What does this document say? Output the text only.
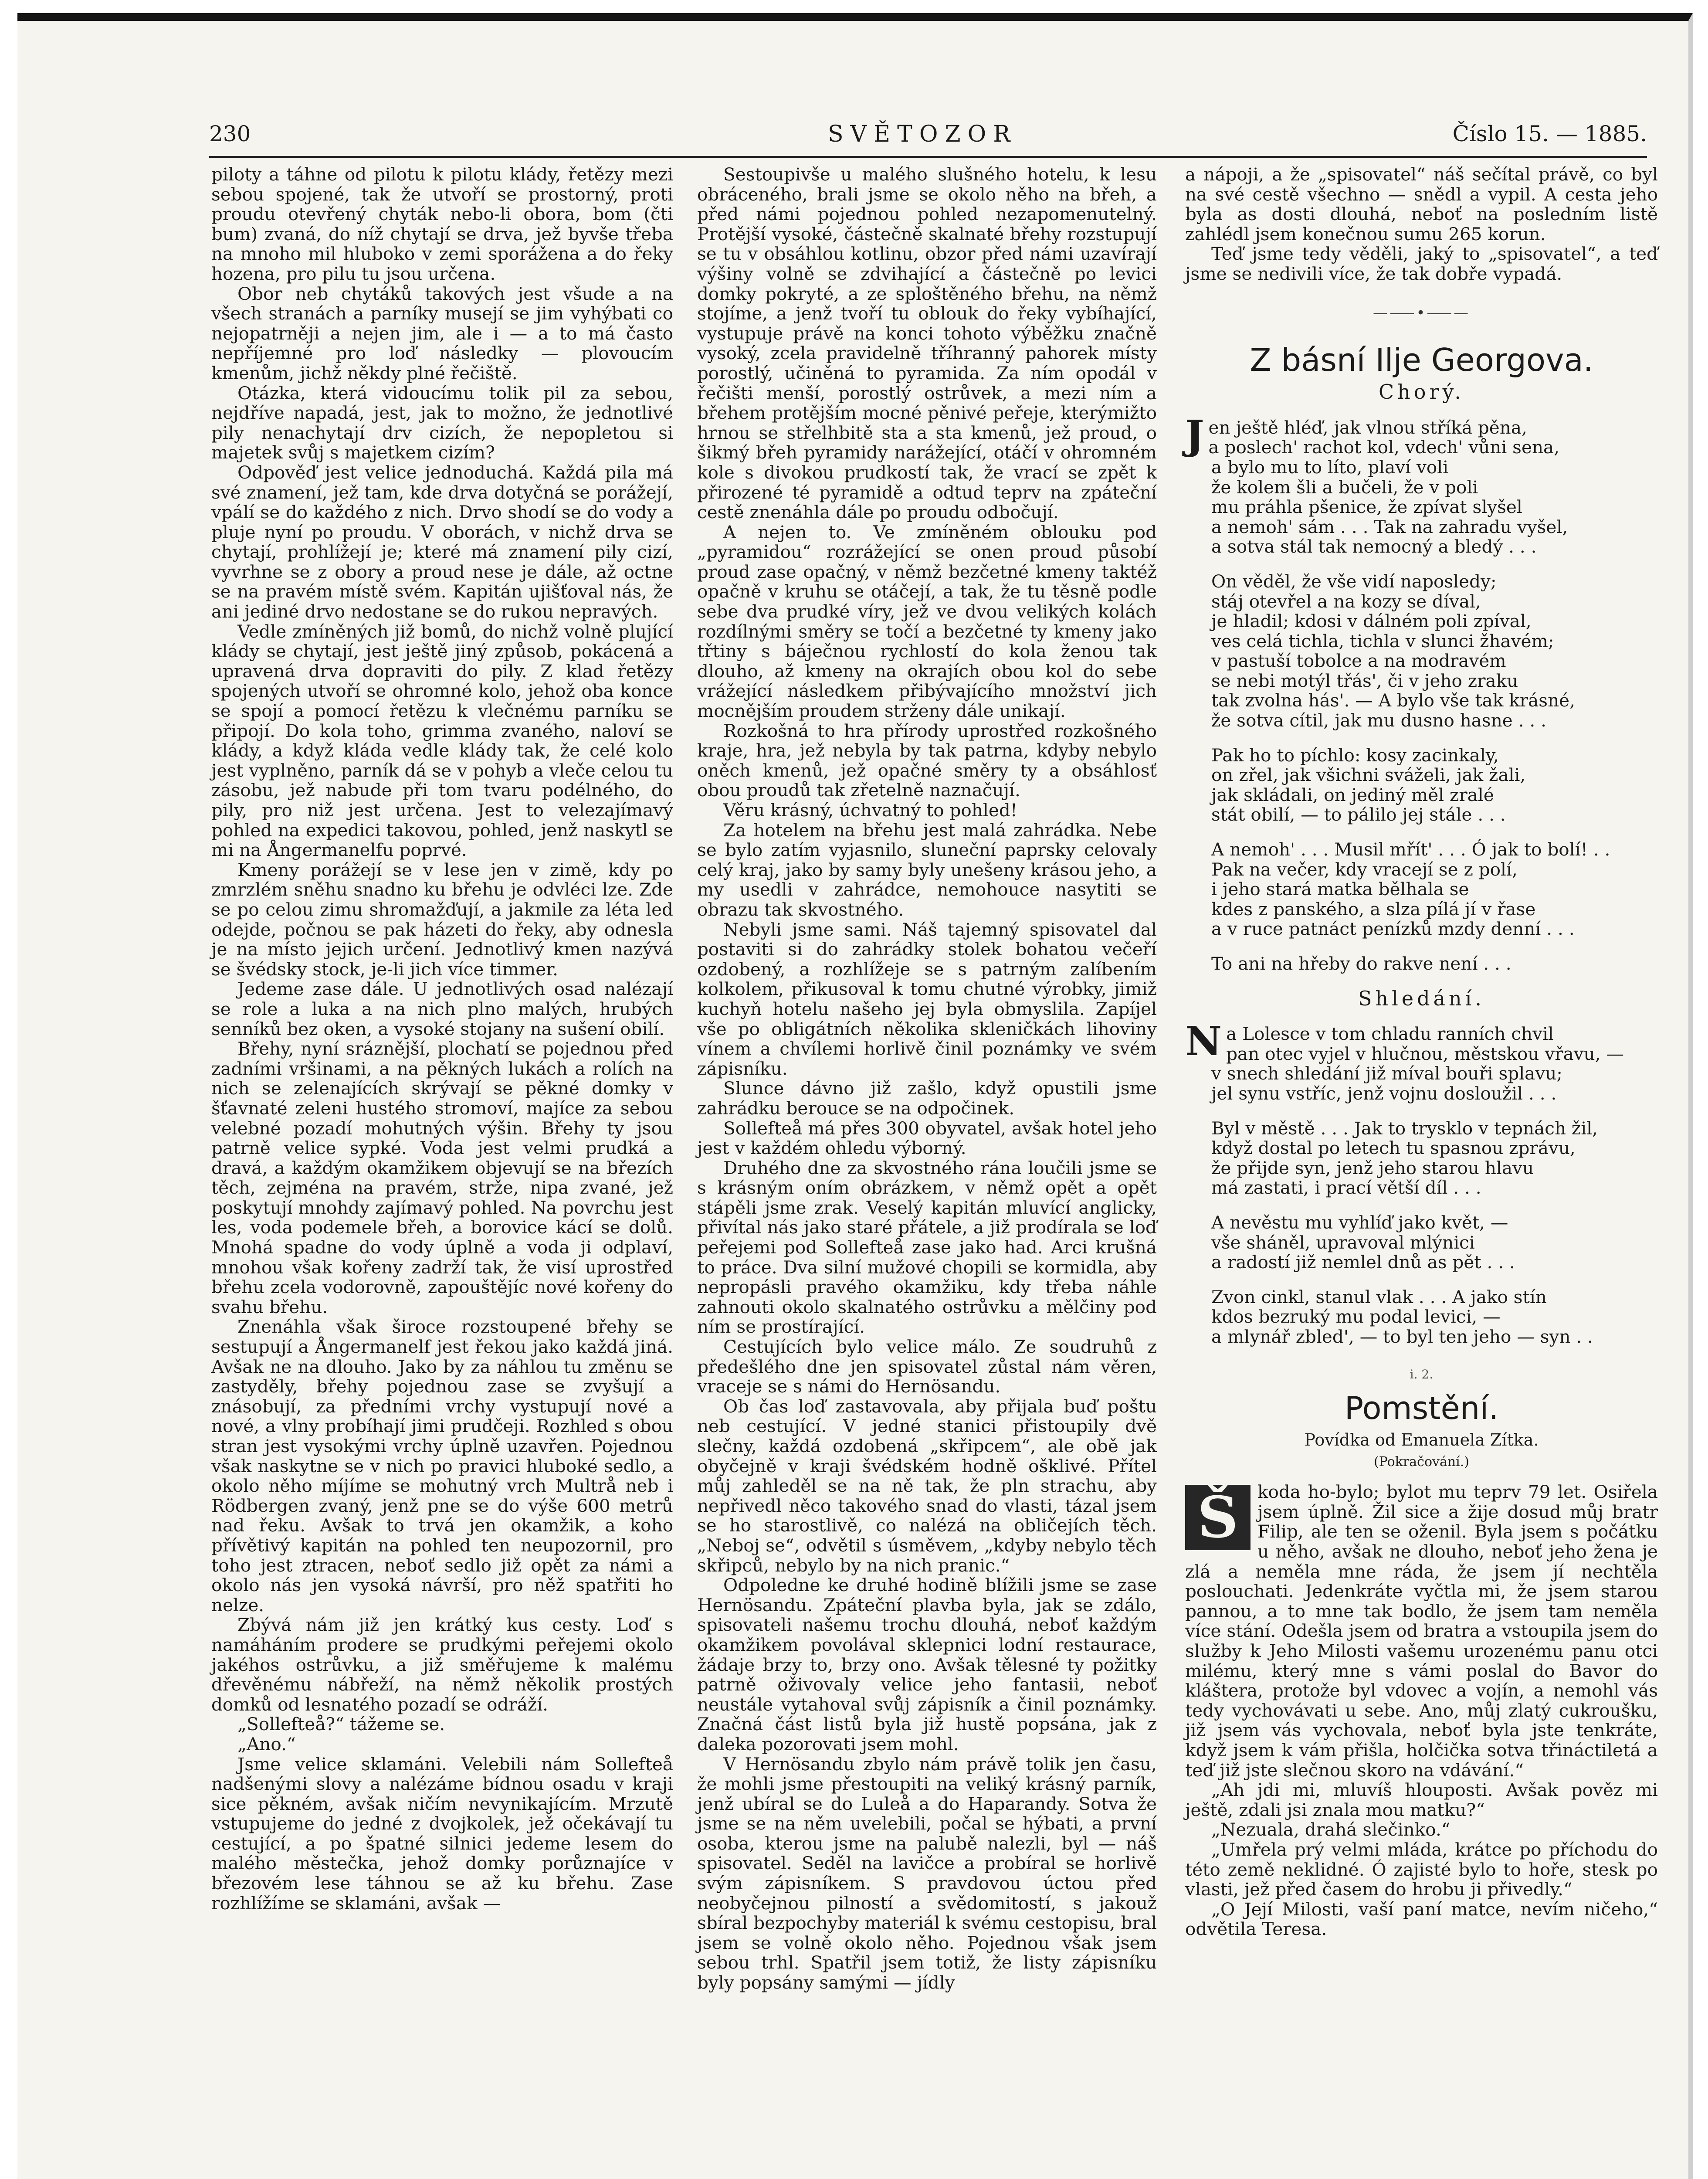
230	SVĚTOZOR	Číslo 15. — 1885.

piloty a táhne od pilotu k pilotu klády, řetězy mezi sebou spojené, tak že utvoří se prostorný, proti proudu otevřený chyták nebo-li obora, bom (čti bum) zvaná, do níž chytají se drva, jež byvše třeba na mnoho mil hluboko v zemi sporážena a do řeky hozena, pro pilu tu jsou určena.

Obor neb chytáků takových jest všude a na všech stranách a parníky musejí se jim vyhýbati co nejopatrněji a nejen jim, ale i — a to má často nepříjemné pro loď následky — plovoucím kmenům, jichž někdy plné řečiště.

Otázka, která vidoucímu tolik pil za sebou, nejdříve napadá, jest, jak to možno, že jednotlivé pily nenachytají drv cizích, že nepopletou si majetek svůj s majetkem cizím?

Odpověď jest velice jednoduchá. Každá pila má své znamení, jež tam, kde drva dotyčná se porážejí, vpálí se do každého z nich. Drvo shodí se do vody a pluje nyní po proudu. V oborách, v nichž drva se chytají, prohlížejí je; které má znamení pily cizí, vyvrhne se z obory a proud nese je dále, až octne se na pravém místě svém. Kapitán ujišťoval nás, že ani jediné drvo nedostane se do rukou nepravých.

Vedle zmíněných již bomů, do nichž volně plující klády se chytají, jest ještě jiný způsob, pokácená a upravená drva dopraviti do pily. Z klad řetězy spojených utvoří se ohromné kolo, jehož oba konce se spojí a pomocí řetězu k vlečnému parníku se připojí. Do kola toho, grimma zvaného, naloví se klády, a když kláda vedle klády tak, že celé kolo jest vyplněno, parník dá se v pohyb a vleče celou tu zásobu, jež nabude při tom tvaru podélného, do pily, pro niž jest určena. Jest to velezajímavý pohled na expedici takovou, pohled, jenž naskytl se mi na Ångermanelfu poprvé.

Kmeny porážejí se v lese jen v zimě, kdy po zmrzlém sněhu snadno ku břehu je odvléci lze. Zde se po celou zimu shromažďují, a jakmile za léta led odejde, počnou se pak házeti do řeky, aby odnesla je na místo jejich určení. Jednotlivý kmen nazývá se švédsky stock, je-li jich více timmer.

Jedeme zase dále. U jednotlivých osad nalézají se role a luka a na nich plno malých, hrubých senníků bez oken, a vysoké stojany na sušení obilí.

Břehy, nyní sráznější, plochatí se pojednou před zadními vršinami, a na pěkných lukách a rolích na nich se zelenajících skrývají se pěkné domky v šťavnaté zeleni hustého stromoví, majíce za sebou velebné pozadí mohutných výšin. Břehy ty jsou patrně velice sypké. Voda jest velmi prudká a dravá, a každým okamžikem objevují se na březích těch, zejména na pravém, strže, nipa zvané, jež poskytují mnohdy zajímavý pohled. Na povrchu jest les, voda podemele břeh, a borovice kácí se dolů. Mnohá spadne do vody úplně a voda ji odplaví, mnohou však kořeny zadrží tak, že visí uprostřed břehu zcela vodorovně, zapouštějíc nové kořeny do svahu břehu.

Znenáhla však široce rozstoupené břehy se sestupují a Ångermanelf jest řekou jako každá jiná. Avšak ne na dlouho. Jako by za náhlou tu změnu se zastyděly, břehy pojednou zase se zvyšují a znásobují, za předními vrchy vystupují nové a nové, a vlny probíhají jimi prudčeji. Rozhled s obou stran jest vysokými vrchy úplně uzavřen. Pojednou však naskytne se v nich po pravici hluboké sedlo, a okolo něho míjíme se mohutný vrch Multrå neb i Rödbergen zvaný, jenž pne se do výše 600 metrů nad řeku. Avšak to trvá jen okamžik, a koho přívětivý kapitán na pohled ten neupozornil, pro toho jest ztracen, neboť sedlo již opět za námi a okolo nás jen vysoká návrší, pro něž spatřiti ho nelze.

Zbývá nám již jen krátký kus cesty. Loď s namáháním prodere se prudkými peřejemi okolo jakéhos ostrůvku, a již směřujeme k malému dřevěnému nábřeží, na němž několik prostých domků od lesnatého pozadí se odráží.

„Sollefteå?“ tážeme se.

„Ano.“

Jsme velice sklamáni. Velebili nám Sollefteå nadšenými slovy a nalézáme bídnou osadu v kraji sice pěkném, avšak ničím nevynikajícím. Mrzutě vstupujeme do jedné z dvojkolek, jež očekávají tu cestující, a po špatné silnici jedeme lesem do malého městečka, jehož domky porůznajíce v březovém lese táhnou se až ku břehu. Zase rozhlížíme se sklamáni, avšak —

Sestoupivše u malého slušného hotelu, k lesu obráceného, brali jsme se okolo něho na břeh, a před námi pojednou pohled nezapomenutelný. Protější vysoké, částečně skalnaté břehy rozstupují se tu v obsáhlou kotlinu, obzor před námi uzavírají výšiny volně se zdvihající a částečně po levici domky pokryté, a ze sploštěného břehu, na němž stojíme, a jenž tvoří tu oblouk do řeky vybíhající, vystupuje právě na konci tohoto výběžku značně vysoký, zcela pravidelně tříhranný pahorek místy porostlý, učiněná to pyramida. Za ním opodál v řečišti menší, porostlý ostrůvek, a mezi ním a břehem protějším mocné pěnivé peřeje, kterýmižto hrnou se střelhbitě sta a sta kmenů, jež proud, o šikmý břeh pyramidy narážející, otáčí v ohromném kole s divokou prudkostí tak, že vrací se zpět k přirozené té pyramidě a odtud teprv na zpáteční cestě znenáhla dále po proudu odbočují.

A nejen to. Ve zmíněném oblouku pod „pyramidou“ rozrážející se onen proud působí proud zase opačný, v němž bezčetné kmeny taktéž opačně v kruhu se otáčejí, a tak, že tu těsně podle sebe dva prudké víry, jež ve dvou velikých kolách rozdílnými směry se točí a bezčetné ty kmeny jako třtiny s báječnou rychlostí do kola ženou tak dlouho, až kmeny na okrajích obou kol do sebe vrážející následkem přibývajícího množství jich mocnějším proudem strženy dále unikají.

Rozkošná to hra přírody uprostřed rozkošného kraje, hra, jež nebyla by tak patrna, kdyby nebylo oněch kmenů, jež opačné směry ty a obsáhlosť obou proudů tak zřetelně naznačují.

Věru krásný, úchvatný to pohled!

Za hotelem na břehu jest malá zahrádka. Nebe se bylo zatím vyjasnilo, sluneční paprsky celovaly celý kraj, jako by samy byly unešeny krásou jeho, a my usedli v zahrádce, nemohouce nasytiti se obrazu tak skvostného.

Nebyli jsme sami. Náš tajemný spisovatel dal postaviti si do zahrádky stolek bohatou večeří ozdobený, a rozhlížeje se s patrným zalíbením kolkolem, přikusoval k tomu chutné výrobky, jimiž kuchyň hotelu našeho jej byla obmyslila. Zapíjel vše po obligátních několika skleničkách lihoviny vínem a chvílemi horlivě činil poznámky ve svém zápisníku.

Slunce dávno již zašlo, když opustili jsme zahrádku berouce se na odpočinek.

Sollefteå má přes 300 obyvatel, avšak hotel jeho jest v každém ohledu výborný.

Druhého dne za skvostného rána loučili jsme se s krásným oním obrázkem, v němž opět a opět stápěli jsme zrak. Veselý kapitán mluvící anglicky, přivítal nás jako staré přátele, a již prodírala se loď peřejemi pod Sollefteå zase jako had. Arci krušná to práce. Dva silní mužové chopili se kormidla, aby nepropásli pravého okamžiku, kdy třeba náhle zahnouti okolo skalnatého ostrůvku a mělčiny pod ním se prostírající.

Cestujících bylo velice málo. Ze soudruhů z předešlého dne jen spisovatel zůstal nám věren, vraceje se s námi do Hernösandu.

Ob čas loď zastavovala, aby přijala buď poštu neb cestující. V jedné stanici přistoupily dvě slečny, každá ozdobená „skřipcem“, ale obě jak obyčejně v kraji švédském hodně ošklivé. Přítel můj zahleděl se na ně tak, že pln strachu, aby nepřivedl něco takového snad do vlasti, tázal jsem se ho starostlivě, co nalézá na obličejích těch. „Neboj se“, odvětil s úsměvem, „kdyby nebylo těch skřipců, nebylo by na nich pranic.“

Odpoledne ke druhé hodině blížili jsme se zase Hernösandu. Zpáteční plavba byla, jak se zdálo, spisovateli našemu trochu dlouhá, neboť každým okamžikem povolával sklepnici lodní restaurace, žádaje brzy to, brzy ono. Avšak tělesné ty požitky patrně oživovaly velice jeho fantasii, neboť neustále vytahoval svůj zápisník a činil poznámky. Značná část listů byla již hustě popsána, jak z daleka pozorovati jsem mohl.

V Hernösandu zbylo nám právě tolik jen času, že mohli jsme přestoupiti na veliký krásný parník, jenž ubíral se do Luleå a do Haparandy. Sotva že jsme se na něm uvelebili, počal se hýbati, a první osoba, kterou jsme na palubě nalezli, byl — náš spisovatel. Seděl na lavičce a probíral se horlivě svým zápisníkem. S pravdovou úctou před neobyčejnou pilností a svědomitostí, s jakouž sbíral bezpochyby materiál k svému cestopisu, bral jsem se volně okolo něho. Pojednou však jsem sebou trhl. Spatřil jsem totiž, že listy zápisníku byly popsány samými — jídly

a nápoji, a že „spisovatel“ náš sečítal právě, co byl na své cestě všechno — snědl a vypil. A cesta jeho byla as dosti dlouhá, neboť na posledním listě zahlédl jsem konečnou sumu 265 korun.

Teď jsme tedy věděli, jaký to „spisovatel“, a teď jsme se nedivili více, že tak dobře vypadá.

—⸺•⸺—
Z básní Ilje Georgova.
Chorý.
J en ještě hléď, jak vlnou stříká pěna,
a poslech' rachot kol, vdech' vůni sena,
a bylo mu to líto, plaví voli
že kolem šli a bučeli, že v poli
mu práhla pšenice, že zpívat slyšel
a nemoh' sám . . . Tak na zahradu vyšel,
a sotva stál tak nemocný a bledý . . .
On věděl, že vše vidí naposledy;
stáj otevřel a na kozy se díval,
je hladil; kdosi v dálném poli zpíval,
ves celá tichla, tichla v slunci žhavém;
v pastuší tobolce a na modravém
se nebi motýl třás', či v jeho zraku
tak zvolna hás'. — A bylo vše tak krásné,
že sotva cítil, jak mu dusno hasne . . .
Pak ho to píchlo: kosy zacinkaly,
on zřel, jak všichni sváželi, jak žali,
jak skládali, on jediný měl zralé
stát obilí, — to pálilo jej stále . . .
A nemoh' . . . Musil mřít' . . . Ó jak to bolí! . .
Pak na večer, kdy vracejí se z polí,
i jeho stará matka bělhala se
kdes z panského, a slza pílá jí v řase
a v ruce patnáct penízků mzdy denní . . .
To ani na hřeby do rakve není . . .
Shledání.
N a Lolesce v tom chladu ranních chvil
pan otec vyjel v hlučnou, městskou vřavu, —
v snech shledání již míval bouři splavu;
jel synu vstříc, jenž vojnu dosloužil . . .
Byl v městě . . . Jak to trysklo v tepnách žil,
když dostal po letech tu spasnou zprávu,
že přijde syn, jenž jeho starou hlavu
má zastati, i prací větší díl . . .
A nevěstu mu vyhlíď jako květ, —
vše sháněl, upravoval mlýnici
a radostí již nemlel dnů as pět . . .
Zvon cinkl, stanul vlak . . . A jako stín
kdos bezruký mu podal levici, —
a mlynář zbled', — to byl ten jeho — syn . .
i. 2.
Pomstění.
Povídka od Emanuela Zítka.
(Pokračování.)

Š	koda ho-bylo; bylot mu teprv 79 let. Osiřela jsem úplně. Žil sice a žije dosud můj bratr Filip, ale ten se oženil. Byla jsem s počátku u něho, avšak ne dlouho, neboť jeho žena je zlá a neměla mne ráda, že jsem jí nechtěla poslouchati. Jedenkráte vyčtla mi, že jsem starou pannou, a to mne tak bodlo, že jsem tam neměla více stání. Odešla jsem od bratra a vstoupila jsem do služby k Jeho Milosti vašemu urozenému panu otci milému, který mne s vámi poslal do Bavor do kláštera, protože byl vdovec a vojín, a nemohl vás tedy vychovávati u sebe. Ano, můj zlatý cukroušku, již jsem vás vychovala, neboť byla jste tenkráte, když jsem k vám přišla, holčička sotva třináctiletá a teď již jste slečnou skoro na vdávání.“

„Ah jdi mi, mluvíš hlouposti. Avšak pověz mi ještě, zdali jsi znala mou matku?“

„Nezuala, drahá slečinko.“

„Umřela prý velmi mláda, krátce po příchodu do této země neklidné. Ó zajisté bylo to hoře, stesk po vlasti, jež před časem do hrobu ji přivedly.“

„O Její Milosti, vaší paní matce, nevím ničeho,“ odvětila Teresa.
